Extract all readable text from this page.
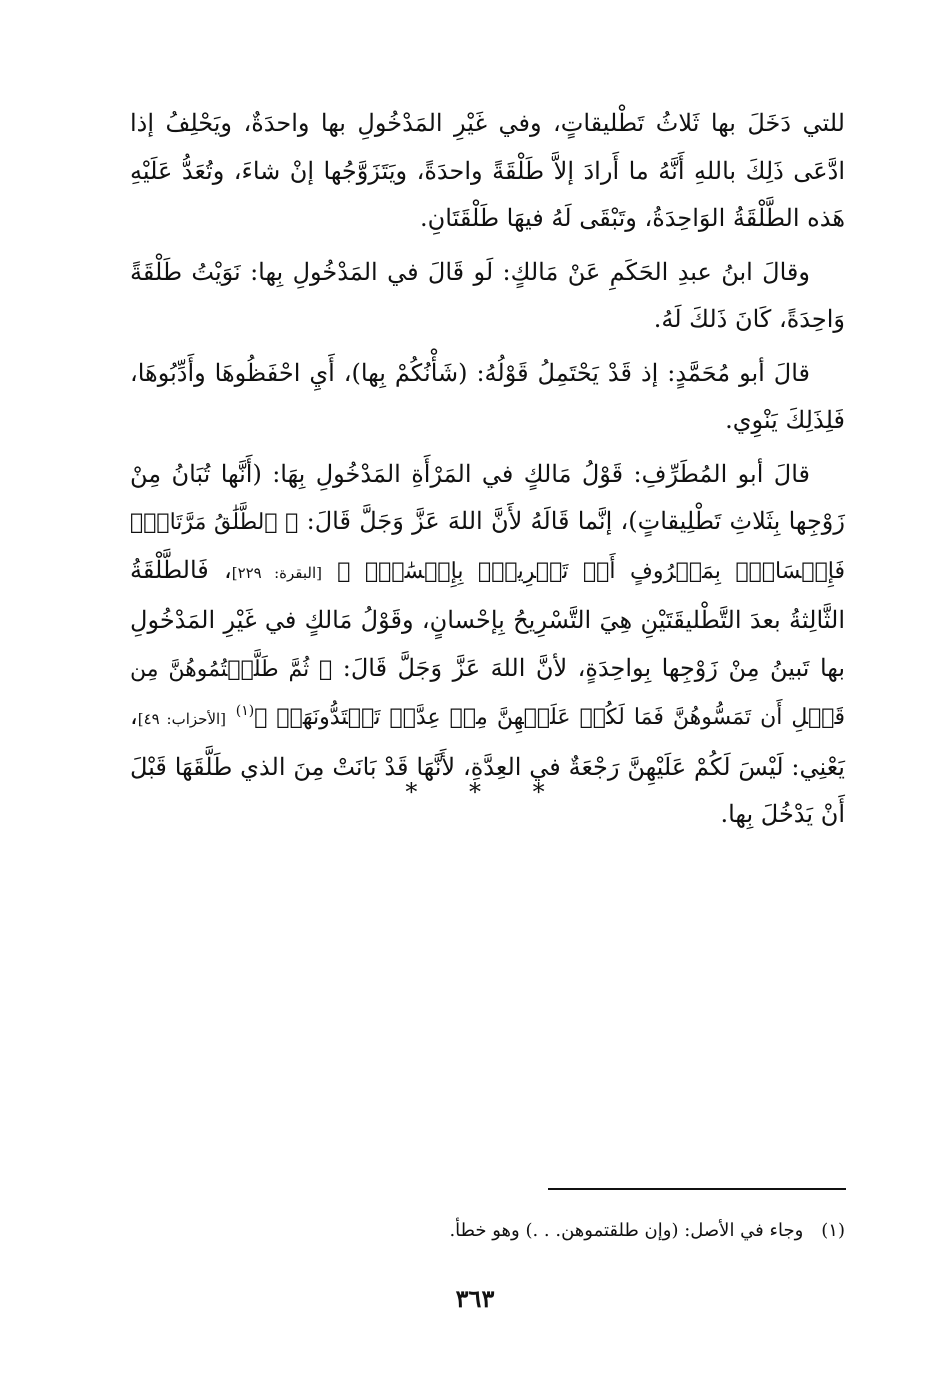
للتي دَخَلَ بها ثَلاثُ تَطْليقاتٍ، وفي غَيْرِ المَدْخُولِ بها واحدَةٌ، ويَحْلِفُ إذا ادَّعَى ذَلِكَ باللهِ أَنَّهُ ما أَرادَ إلاَّ طَلْقَةً واحدَةً، ويَتَزَوَّجُها إنْ شاءَ، وتُعَدُّ عَلَيْهِ هَذه الطَّلْقَةُ الوَاحِدَةُ، وتَبْقَى لَهُ فيهَا طَلْقَتَانِ.

وقالَ ابنُ عبدِ الحَكَمِ عَنْ مَالكٍ: لَو قَالَ في المَدْخُولِ بِها: نَوَيْتُ طَلْقَةً وَاحِدَةً، كَانَ ذَلكَ لَهُ.

قالَ أبو مُحَمَّدٍ: إذ قَدْ يَحْتَمِلُ قَوْلُهُ: (شَأْنُكُمْ بِها)، أَيِ احْفَظُوهَا وأَدِّبُوهَا، فَلِذَلِكَ يَنْوِي.

قالَ أبو المُطَرِّفِ: قَوْلُ مَالكٍ في المَرْأَةِ المَدْخُولِ بِهَا: (أَنَّها تُبَانُ مِنْ زَوْجِها بِثَلاثِ تَطْلِيقاتٍ)، إنَّما قَالَهُ لأَنَّ اللهَ عَزَّ وَجَلَّ قَالَ: ﴿ ٱلطَّلَٰقُ مَرَّتَانِۖ فَإِمۡسَاكُۢ بِمَعۡرُوفٍ أَوۡ تَسۡرِيحُۢ بِإِحۡسَٰنٖۗ ﴾ [البقرة: ٢٢٩]، فَالطَّلْقَةُ الثَّالِثةُ بعدَ التَّطْليقَتَيْنِ هِيَ التَّسْرِيحُ بِإحْسانٍ، وقَوْلُ مَالكٍ في غَيْرِ المَدْخُولِ بها تَبينُ مِنْ زَوْجِها بِواحِدَةٍ، لأنَّ اللهَ عَزَّ وَجَلَّ قَالَ: ﴿ ثُمَّ طَلَّقۡتُمُوهُنَّ مِن قَبۡلِ أَن تَمَسُّوهُنَّ فَمَا لَكُمۡ عَلَيۡهِنَّ مِنۡ عِدَّةٖ تَعۡتَدُّونَهَاۖ ﴾$^{(١)}$ [الأحزاب: ٤٩]، يَعْنِي: لَيْسَ لَكُمْ عَلَيْهِنَّ رَجْعَةٌ في العِدَّةِ، لأَنَّهَا قَدْ بَانَتْ مِنَ الذي طَلَّقَهَا قَبْلَ أَنْ يَدْخُلَ بِها.

* * *
(١)وجاء في الأصل: (وإن طلقتموهن. . .) وهو خطأ.
٣٦٣
